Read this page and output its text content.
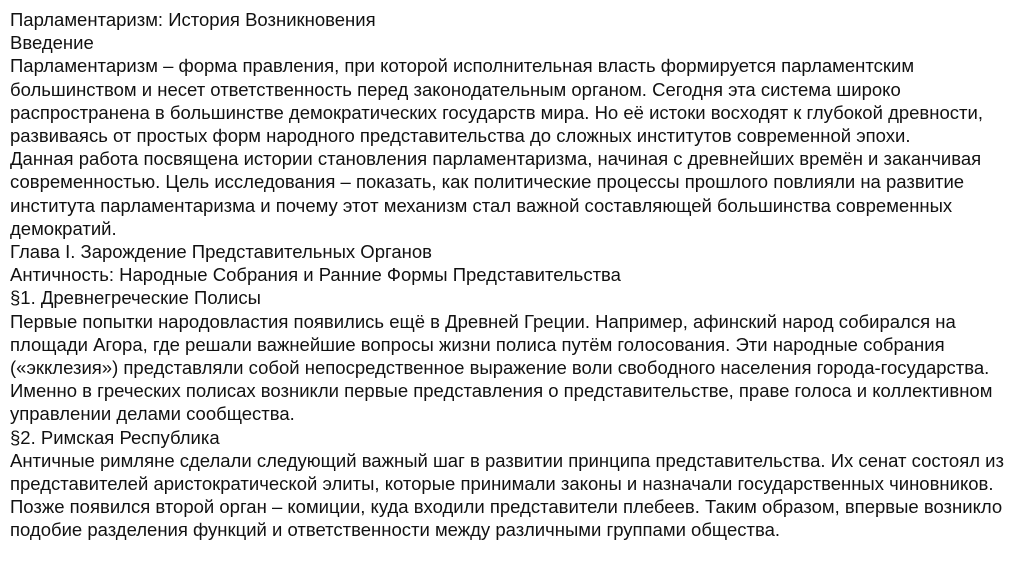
Парламентаризм: История Возникновения
Введение

Парламентаризм – форма правления, при которой исполнительная власть формируется парламентским большинством и несет ответственность перед законодательным органом. Сегодня эта система широко распространена в большинстве демократических государств мира. Но её истоки восходят к глубокой древности, развиваясь от простых форм народного представительства до сложных институтов современной эпохи.

Данная работа посвящена истории становления парламентаризма, начиная с древнейших времён и заканчивая современностью. Цель исследования – показать, как политические процессы прошлого повлияли на развитие института парламентаризма и почему этот механизм стал важной составляющей большинства современных демократий.

Глава I. Зарождение Представительных Органов
Античность: Народные Собрания и Ранние Формы Представительства
§1. Древнегреческие Полисы

Первые попытки народовластия появились ещё в Древней Греции. Например, афинский народ собирался на площади Агора, где решали важнейшие вопросы жизни полиса путём голосования. Эти народные собрания («экклезия») представляли собой непосредственное выражение воли свободного населения города-государства. Именно в греческих полисах возникли первые представления о представительстве, праве голоса и коллективном управлении делами сообщества.

§2. Римская Республика

Античные римляне сделали следующий важный шаг в развитии принципа представительства. Их сенат состоял из представителей аристократической элиты, которые принимали законы и назначали государственных чиновников. Позже появился второй орган – комиции, куда входили представители плебеев. Таким образом, впервые возникло подобие разделения функций и ответственности между различными группами общества.
